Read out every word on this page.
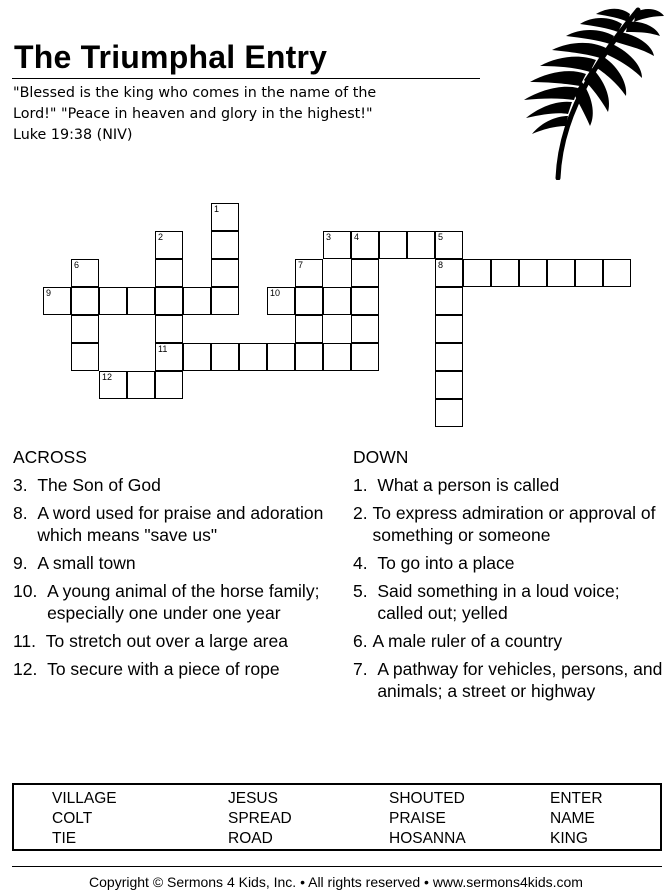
The Triumphal Entry
"Blessed is the king who comes in the name of the
Lord!" "Peace in heaven and glory in the highest!"
Luke 19:38 (NIV)
3	4	5
8
9	10
11
12
1
2
6	7
ACROSS
3. The Son of God
8. A word used for praise and adoration which means "save us"
9. A small town
10. A young animal of the horse family; especially one under one year
11. To stretch out over a large area
12. To secure with a piece of rope
DOWN
1. What a person is called
2. To express admiration or approval of something or someone
4. To go into a place
5. Said something in a loud voice; called out; yelled
6. A male ruler of a country
7. A pathway for vehicles, persons, and animals; a street or highway
VILLAGE	JESUS	SHOUTED	ENTER
COLT	SPREAD	PRAISE	NAME
TIE	ROAD	HOSANNA	KING
Copyright © Sermons 4 Kids, Inc. • All rights reserved • www.sermons4kids.com
